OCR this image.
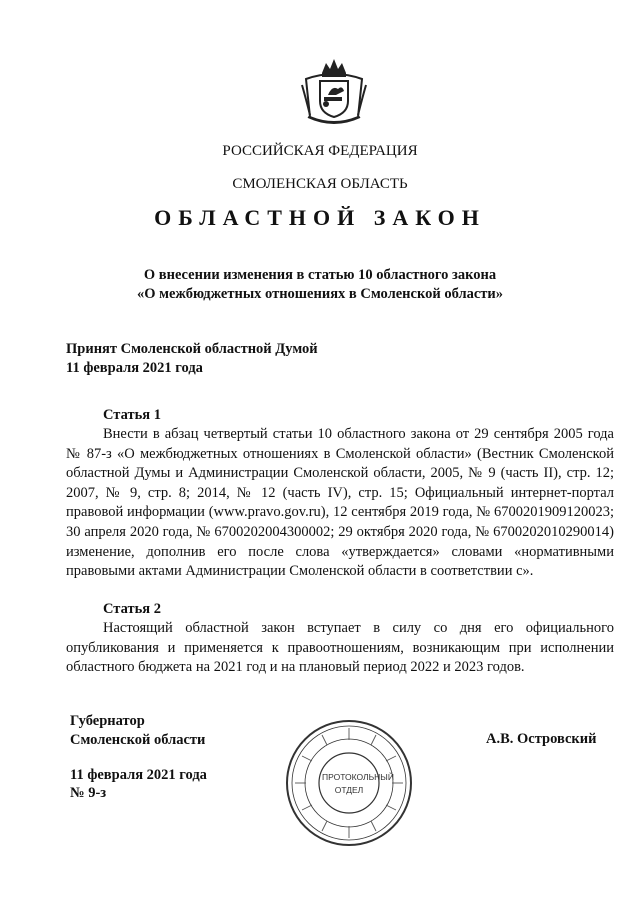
РОССИЙСКАЯ ФЕДЕРАЦИЯ
СМОЛЕНСКАЯ ОБЛАСТЬ
ОБЛАСТНОЙ ЗАКОН
О внесении изменения в статью 10 областного закона
«О межбюджетных отношениях в Смоленской области»
Принят Смоленской областной Думой
11 февраля 2021 года
Статья 1
Внести в абзац четвертый статьи 10 областного закона от 29 сентября 2005 года № 87-з «О межбюджетных отношениях в Смоленской области» (Вестник Смоленской областной Думы и Администрации Смоленской области, 2005, № 9 (часть II), стр. 12; 2007, № 9, стр. 8; 2014, № 12 (часть IV), стр. 15; Официальный интернет-портал правовой информации (www.pravo.gov.ru), 12 сентября 2019 года, № 6700201909120023; 30 апреля 2020 года, № 6700202004300002; 29 октября 2020 года, № 6700202010290014) изменение, дополнив его после слова «утверждается» словами «нормативными правовыми актами Администрации Смоленской области в соответствии с».
Статья 2
Настоящий областной закон вступает в силу со дня его официального опубликования и применяется к правоотношениям, возникающим при исполнении областного бюджета на 2021 год и на плановый период 2022 и 2023 годов.
Губернатор
Смоленской области	А.В. Островский
11 февраля 2021 года
№ 9-з
ПРОТОКОЛЬНЫЙ
ОТДЕЛ
